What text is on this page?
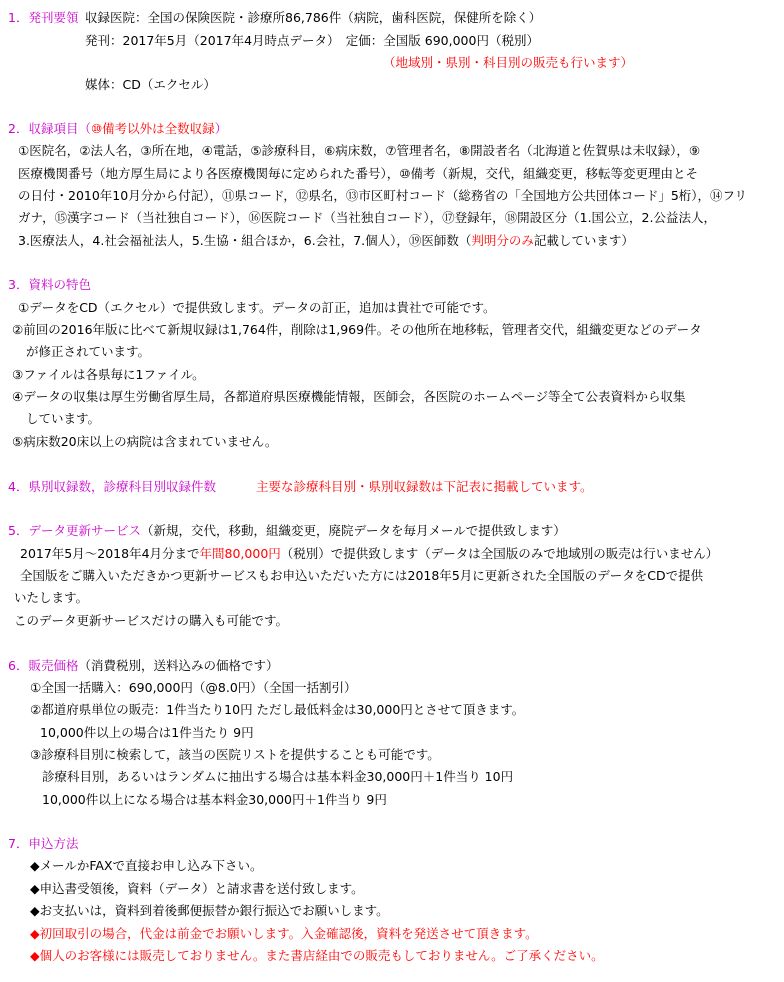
1．発刊要領 収録医院：全国の保険医院・診療所86,786件（病院，歯科医院，保健所を除く）
発刊：2017年5月（2017年4月時点データ）　定価：全国版 690,000円（税別）
（地域別・県別・科目別の販売も行います）
媒体：CD（エクセル）
2．収録項目（⑩備考以外は全数収録）
①医院名，②法人名，③所在地，④電話，⑤診療科目，⑥病床数，⑦管理者名，⑧開設者名（北海道と佐賀県は未収録），⑨
医療機関番号（地方厚生局により各医療機関毎に定められた番号），⑩備考（新規，交代，組織変更，移転等変更理由とそ
の日付・2010年10月分から付記），⑪県コード，⑫県名，⑬市区町村コード（総務省の「全国地方公共団体コード」5桁），⑭フリ
ガナ，⑮漢字コード（当社独自コード），⑯医院コード（当社独自コード），⑰登録年，⑱開設区分（1.国公立，2.公益法人，
3.医療法人，4.社会福祉法人，5.生協・組合ほか，6.会社，7.個人），⑲医師数（判明分のみ記載しています）
3．資料の特色
①データをCD（エクセル）で提供致します。データの訂正，追加は貴社で可能です。
②前回の2016年版に比べて新規収録は1,764件，削除は1,969件。その他所在地移転，管理者交代，組織変更などのデータ
が修正されています。
③ファイルは各県毎に1ファイル。
④データの収集は厚生労働省厚生局，各都道府県医療機能情報，医師会，各医院のホームページ等全て公表資料から収集
しています。
⑤病床数20床以上の病院は含まれていません。
4．県別収録数，診療科目別収録件数	主要な診療科目別・県別収録数は下記表に掲載しています。
5．データ更新サービス（新規，交代，移動，組織変更，廃院データを毎月メールで提供致します）
2017年5月～2018年4月分まで年間80,000円（税別）で提供致します（データは全国版のみで地域別の販売は行いません）
全国版をご購入いただきかつ更新サービスもお申込いただいた方には2018年5月に更新された全国版のデータをCDで提供
いたします。
このデータ更新サービスだけの購入も可能です。
6．販売価格（消費税別，送料込みの価格です）
①全国一括購入：690,000円（@8.0円）（全国一括割引）
②都道府県単位の販売：1件当たり10円 ただし最低料金は30,000円とさせて頂きます。
10,000件以上の場合は1件当たり 9円
③診療科目別に検索して，該当の医院リストを提供することも可能です。
診療科目別，あるいはランダムに抽出する場合は基本料金30,000円＋1件当り 10円
10,000件以上になる場合は基本料金30,000円＋1件当り 9円
7．申込方法
◆メールかFAXで直接お申し込み下さい。
◆申込書受領後，資料（データ）と請求書を送付致します。
◆お支払いは，資料到着後郵便振替か銀行振込でお願いします。
◆初回取引の場合，代金は前金でお願いします。入金確認後，資料を発送させて頂きます。
◆個人のお客様には販売しておりません。また書店経由での販売もしておりません。ご了承ください。
